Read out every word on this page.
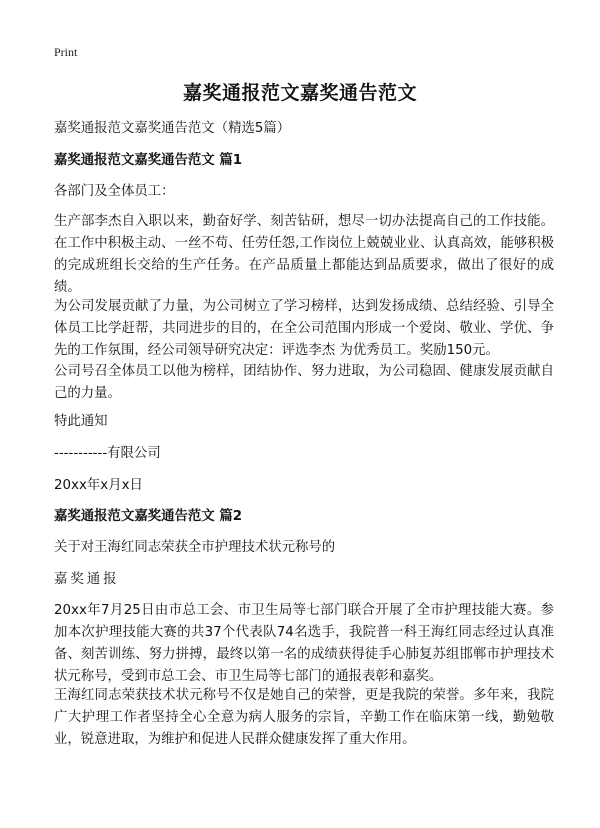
Print
嘉奖通报范文嘉奖通告范文

嘉奖通报范文嘉奖通告范文（精选5篇）

嘉奖通报范文嘉奖通告范文 篇1

各部门及全体员工：

生产部李杰自入职以来，勤奋好学、刻苦钻研，想尽一切办法提高自己的工作技能。在工作中积极主动、一丝不苟、任劳任怨,工作岗位上兢兢业业、认真高效，能够积极的完成班组长交给的生产任务。在产品质量上都能达到品质要求，做出了很好的成绩。

为公司发展贡献了力量，为公司树立了学习榜样，达到发扬成绩、总结经验、引导全体员工比学赶帮，共同进步的目的，在全公司范围内形成一个爱岗、敬业、学优、争先的工作氛围，经公司领导研究决定：评选李杰 为优秀员工。奖励150元。

公司号召全体员工以他为榜样，团结协作、努力进取，为公司稳固、健康发展贡献自己的力量。

特此通知

-----------有限公司

20xx年x月x日

嘉奖通报范文嘉奖通告范文 篇2

关于对王海红同志荣获全市护理技术状元称号的

嘉奖通报

20xx年7月25日由市总工会、市卫生局等七部门联合开展了全市护理技能大赛。参加本次护理技能大赛的共37个代表队74名选手，我院普一科王海红同志经过认真准备、刻苦训练、努力拼搏，最终以第一名的成绩获得徒手心肺复苏组邯郸市护理技术状元称号，受到市总工会、市卫生局等七部门的通报表彰和嘉奖。

王海红同志荣获技术状元称号不仅是她自己的荣誉，更是我院的荣誉。多年来，我院广大护理工作者坚持全心全意为病人服务的宗旨，辛勤工作在临床第一线，勤勉敬业，锐意进取，为维护和促进人民群众健康发挥了重大作用。
